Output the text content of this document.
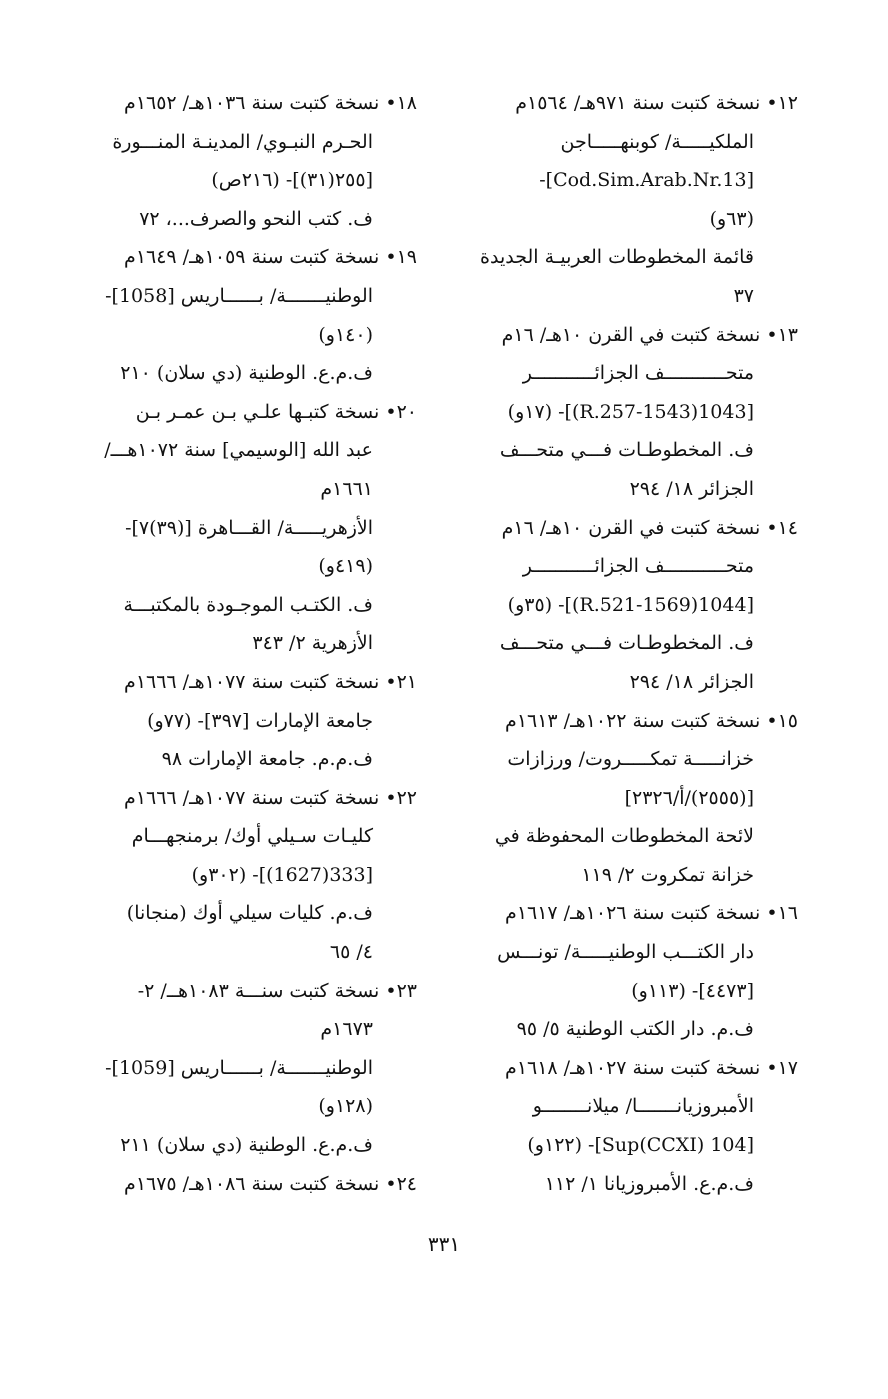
١٢• نسخة كتبت سنة ٩٧١هـ/ ١٥٦٤م
الملكيـــــة/ كوبنهـــــاجن
[Cod.Sim.Arab.Nr.13]-
(٦٣و)
قائمة المخطوطات العربيـة الجديدة
٣٧
١٣• نسخة كتبت في القرن ١٠هـ/ ١٦م
متحـــــــــــف الجزائـــــــــــر
[1043(1543-R.257)]- (١٧و)
ف. المخطوطـات فـــي متحـــف
الجزائر ١٨/ ٢٩٤
١٤• نسخة كتبت في القرن ١٠هـ/ ١٦م
متحـــــــــــف الجزائـــــــــــر
[1044(1569-R.521)]- (٣٥و)
ف. المخطوطـات فـــي متحـــف
الجزائر ١٨/ ٢٩٤
١٥• نسخة كتبت سنة ١٠٢٢هـ/ ١٦١٣م
خزانـــــة تمكـــــروت/ ورزازات
[(٢٥٥٥)/أ/٢٣٢٦]
لائحة المخطوطات المحفوظة في
خزانة تمكروت ٢/ ١١٩
١٦• نسخة كتبت سنة ١٠٢٦هـ/ ١٦١٧م
دار الكتـــب الوطنيـــــة/ تونـــس
[٤٤٧٣]- (١١٣و)
ف.م. دار الكتب الوطنية ٥/ ٩٥
١٧• نسخة كتبت سنة ١٠٢٧هـ/ ١٦١٨م
الأمبروزيانـــــــا/ ميلانــــــــو
[104 Sup(CCXI)]- (١٢٢و)
ف.م.ع. الأمبروزيانا ١/ ١١٢
١٨• نسخة كتبت سنة ١٠٣٦هـ/ ١٦٥٢م
الحـرم النبـوي/ المدينـة المنـــورة
[٢٥٥(٣١)]- (٢١٦ص)
ف. كتب النحو والصرف...، ٧٢
١٩• نسخة كتبت سنة ١٠٥٩هـ/ ١٦٤٩م
الوطنيـــــــة/ بــــــاريس [1058]-
(١٤٠و)
ف.م.ع. الوطنية (دي سلان) ٢١٠
٢٠• نسخة كتبـها علـي بـن عمـر بـن
عبد الله [الوسيمي] سنة ١٠٧٢هـــ/
١٦٦١م
الأزهريـــــة/ القـــاهرة [(٣٩)٧]-
(٤١٩و)
ف. الكتـب الموجـودة بالمكتبـــة
الأزهرية ٢/ ٣٤٣
٢١• نسخة كتبت سنة ١٠٧٧هـ/ ١٦٦٦م
جامعة الإمارات [٣٩٧]- (٧٧و)
ف.م.م. جامعة الإمارات ٩٨
٢٢• نسخة كتبت سنة ١٠٧٧هـ/ ١٦٦٦م
كليـات سـيلي أوك/ برمنجهـــام
[333(1627)]- (٣٠٢و)
ف.م. كليات سيلي أوك (منجانا)
٤/ ٦٥
٢٣• نسخة كتبت سنـــة ١٠٨٣هــ/ ٢-
١٦٧٣م
الوطنيـــــــة/ بــــــاريس [1059]-
(١٢٨و)
ف.م.ع. الوطنية (دي سلان) ٢١١
٢٤• نسخة كتبت سنة ١٠٨٦هـ/ ١٦٧٥م
٣٣١
